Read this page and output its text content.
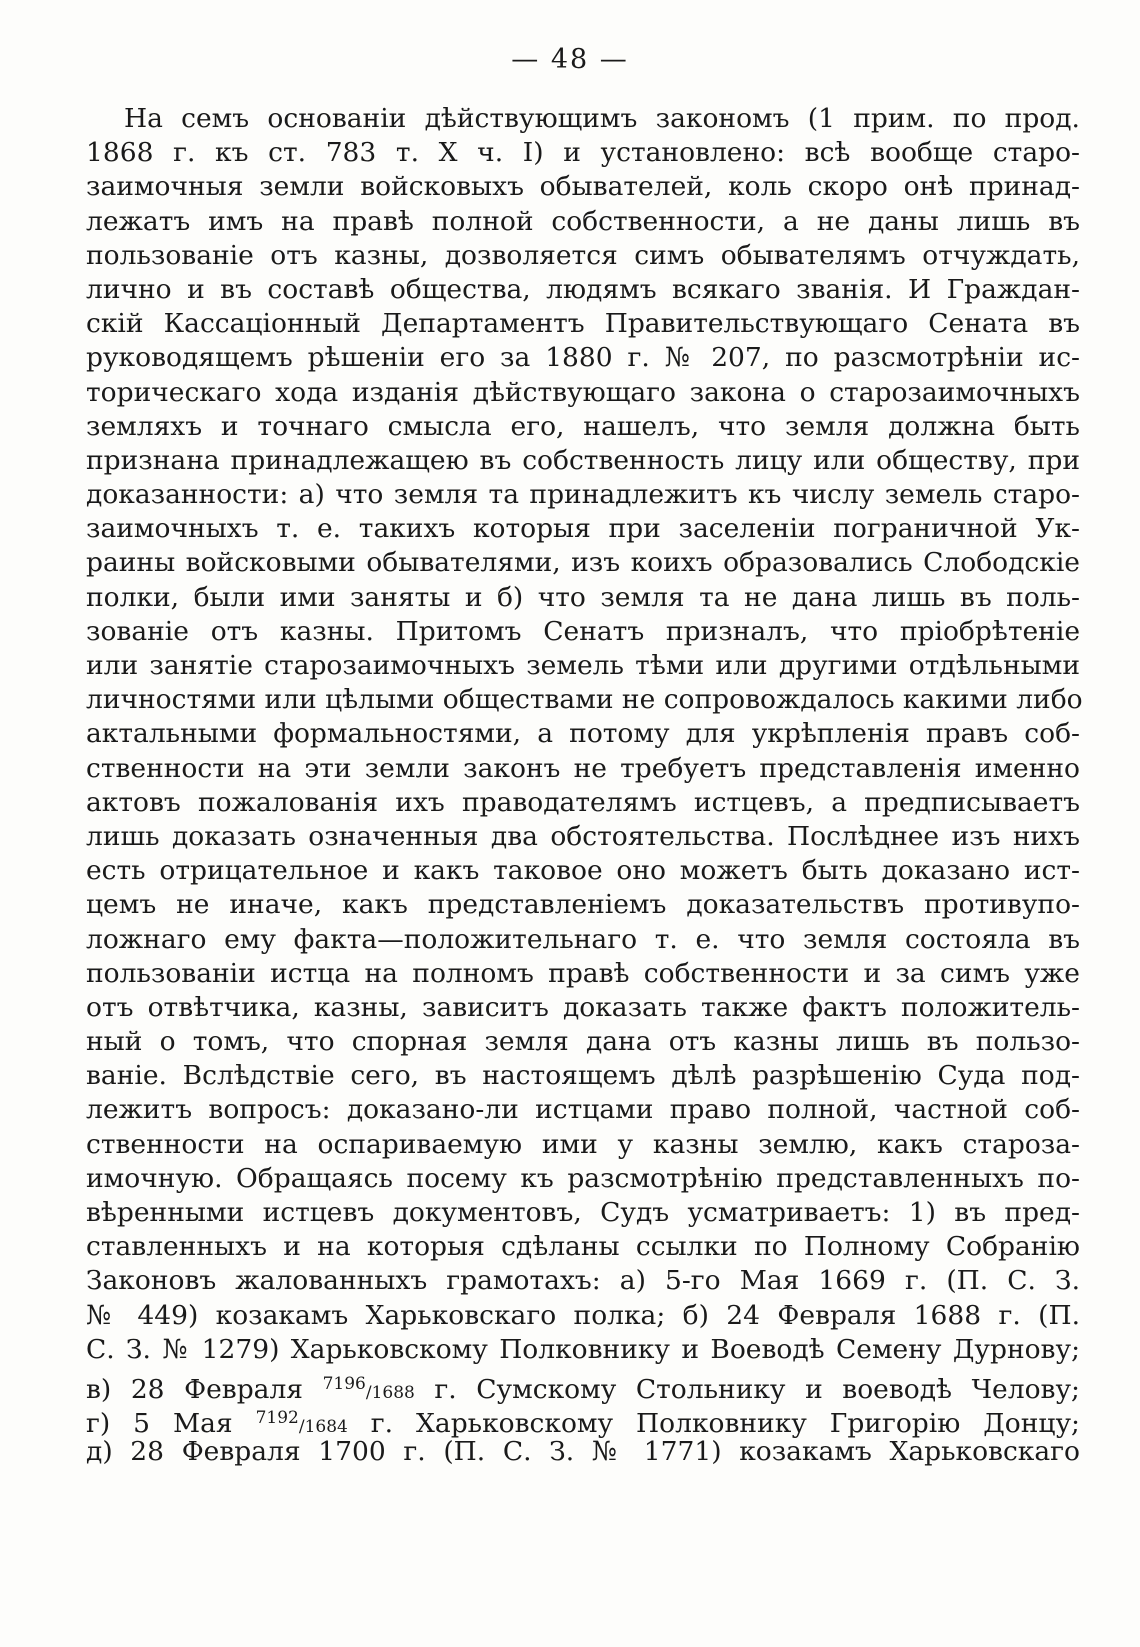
— 48 —
На семъ основаніи дѣйствующимъ закономъ (1 прим. по прод.
1868 г. къ ст. 783 т. X ч. I) и установлено: всѣ вообще старо-
заимочныя земли войсковыхъ обывателей, коль скоро онѣ принад-
лежатъ имъ на правѣ полной собственности, а не даны лишь въ
пользованіе отъ казны, дозволяется симъ обывателямъ отчуждать,
лично и въ составѣ общества, людямъ всякаго званія. И Граждан-
скій Кассаціонный Департаментъ Правительствующаго Сената въ
руководящемъ рѣшеніи его за 1880 г. № 207, по разсмотрѣніи ис-
торическаго хода изданія дѣйствующаго закона о старозаимочныхъ
земляхъ и точнаго смысла его, нашелъ, что земля должна быть
признана принадлежащею въ собственность лицу или обществу, при
доказанности: а) что земля та принадлежитъ къ числу земель старо-
заимочныхъ т. е. такихъ которыя при заселеніи пограничной Ук-
раины войсковыми обывателями, изъ коихъ образовались Слободскіе
полки, были ими заняты и б) что земля та не дана лишь въ поль-
зованіе отъ казны. Притомъ Сенатъ призналъ, что пріобрѣтеніе
или занятіе старозаимочныхъ земель тѣми или другими отдѣльными
личностями или цѣлыми обществами не сопровождалось какими либо
актальными формальностями, а потому для укрѣпленія правъ соб-
ственности на эти земли законъ не требуетъ представленія именно
актовъ пожалованія ихъ праводателямъ истцевъ, а предписываетъ
лишь доказать означенныя два обстоятельства. Послѣднее изъ нихъ
есть отрицательное и какъ таковое оно можетъ быть доказано ист-
цемъ не иначе, какъ представленіемъ доказательствъ противупо-
ложнаго ему факта—положительнаго т. е. что земля состояла въ
пользованіи истца на полномъ правѣ собственности и за симъ уже
отъ отвѣтчика, казны, зависитъ доказать также фактъ положитель-
ный о томъ, что спорная земля дана отъ казны лишь въ пользо-
ваніе. Вслѣдствіе сего, въ настоящемъ дѣлѣ разрѣшенію Суда под-
лежитъ вопросъ: доказано-ли истцами право полной, частной соб-
ственности на оспариваемую ими у казны землю, какъ староза-
имочную. Обращаясь посему къ разсмотрѣнію представленныхъ по-
вѣренными истцевъ документовъ, Судъ усматриваетъ: 1) въ пред-
ставленныхъ и на которыя сдѣланы ссылки по Полному Собранію
Законовъ жалованныхъ грамотахъ: а) 5-го Мая 1669 г. (П. С. З.
№ 449) козакамъ Харьковскаго полка; б) 24 Февраля 1688 г. (П.
С. З. № 1279) Харьковскому Полковнику и Воеводѣ Семену Дурнову;
в) 28 Февраля $^{7196}$/1688 г. Сумскому Стольнику и воеводѣ Челову;
г) 5 Мая $^{7192}$/1684 г. Харьковскому Полковнику Григорію Донцу;
д) 28 Февраля 1700 г. (П. С. З. № 1771) козакамъ Харьковскаго
